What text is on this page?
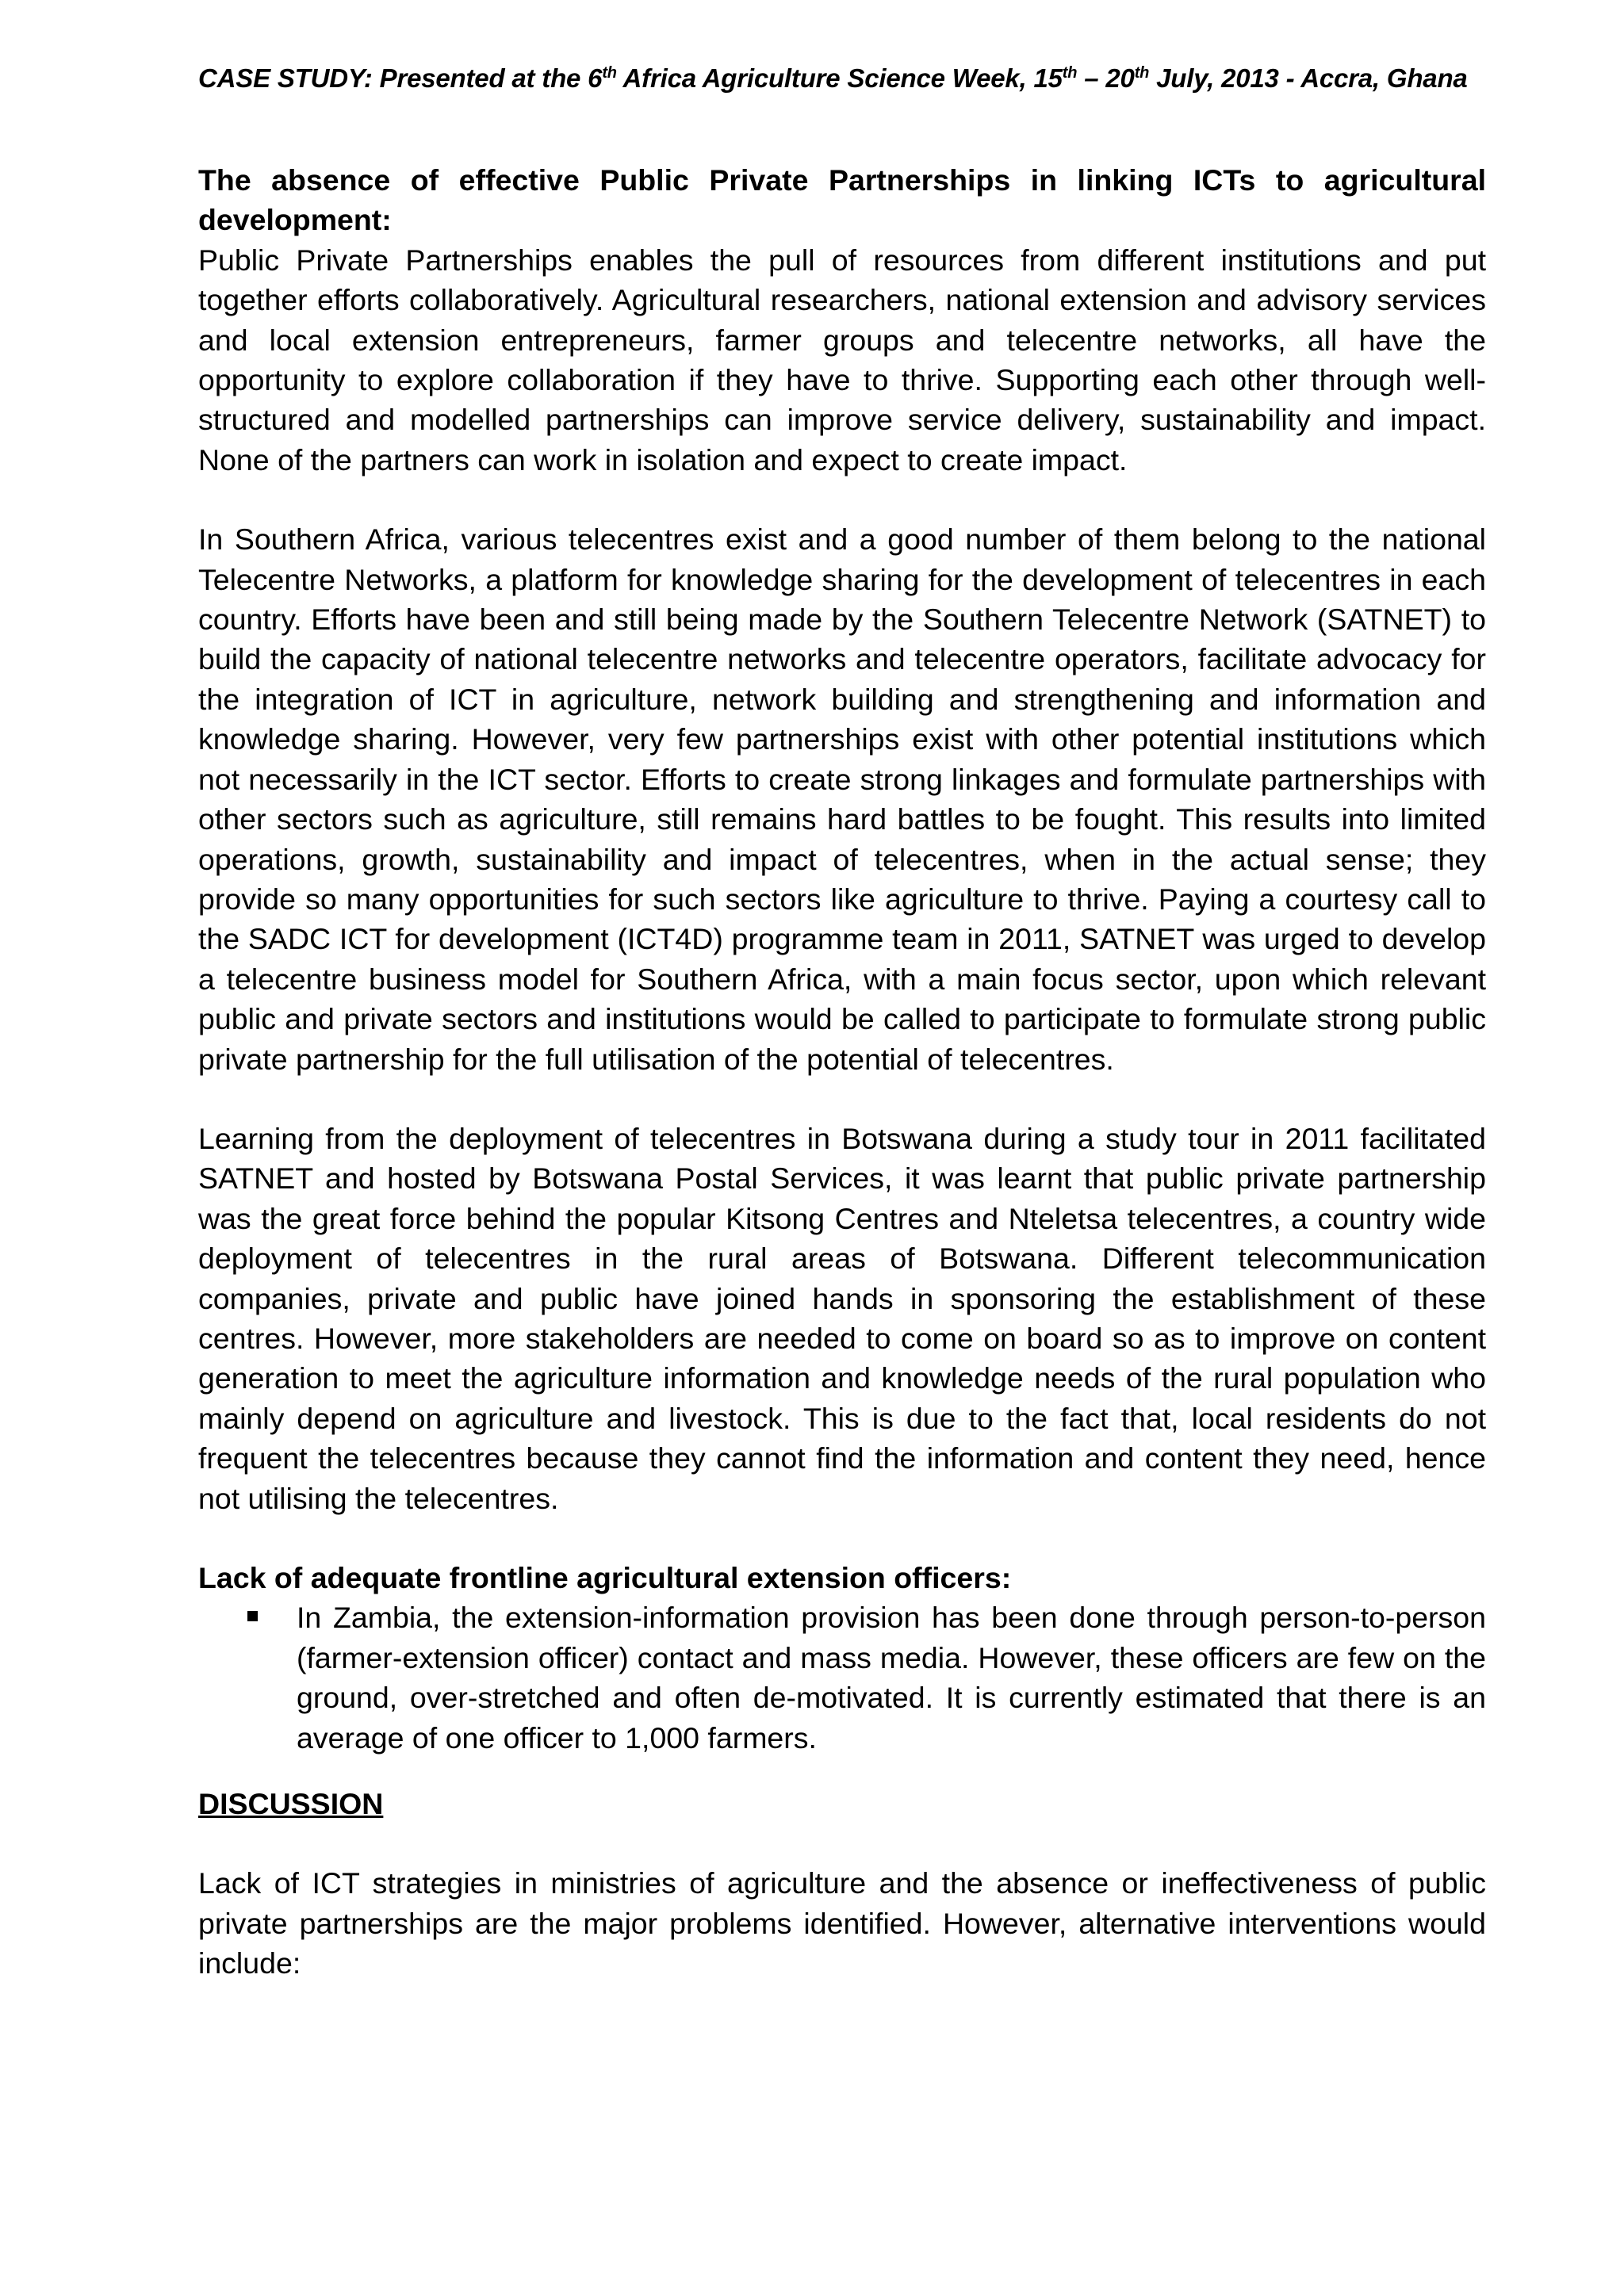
CASE STUDY: Presented at the 6th Africa Agriculture Science Week, 15th – 20th July, 2013 - Accra, Ghana

The absence of effective Public Private Partnerships in linking ICTs to agricultural development:

Public Private Partnerships enables the pull of resources from different institutions and put together efforts collaboratively. Agricultural researchers, national extension and advisory services and local extension entrepreneurs, farmer groups and telecentre networks, all have the opportunity to explore collaboration if they have to thrive. Supporting each other through well-structured and modelled partnerships can improve service delivery, sustainability and impact. None of the partners can work in isolation and expect to create impact.

In Southern Africa, various telecentres exist and a good number of them belong to the national Telecentre Networks, a platform for knowledge sharing for the development of telecentres in each country. Efforts have been and still being made by the Southern Telecentre Network (SATNET) to build the capacity of national telecentre networks and telecentre operators, facilitate advocacy for the integration of ICT in agriculture, network building and strengthening and information and knowledge sharing. However, very few partnerships exist with other potential institutions which not necessarily in the ICT sector. Efforts to create strong linkages and formulate partnerships with other sectors such as agriculture, still remains hard battles to be fought. This results into limited operations, growth, sustainability and impact of telecentres, when in the actual sense; they provide so many opportunities for such sectors like agriculture to thrive. Paying a courtesy call to the SADC ICT for development (ICT4D) programme team in 2011, SATNET was urged to develop a telecentre business model for Southern Africa, with a main focus sector, upon which relevant public and private sectors and institutions would be called to participate to formulate strong public private partnership for the full utilisation of the potential of telecentres.

Learning from the deployment of telecentres in Botswana during a study tour in 2011 facilitated SATNET and hosted by Botswana Postal Services, it was learnt that public private partnership was the great force behind the popular Kitsong Centres and Nteletsa telecentres, a country wide deployment of telecentres in the rural areas of Botswana. Different telecommunication companies, private and public have joined hands in sponsoring the establishment of these centres. However, more stakeholders are needed to come on board so as to improve on content generation to meet the agriculture information and knowledge needs of the rural population who mainly depend on agriculture and livestock. This is due to the fact that, local residents do not frequent the telecentres because they cannot find the information and content they need, hence not utilising the telecentres.

Lack of adequate frontline agricultural extension officers:

In Zambia, the extension-information provision has been done through person-to-person (farmer-extension officer) contact and mass media. However, these officers are few on the ground, over-stretched and often de-motivated. It is currently estimated that there is an average of one officer to 1,000 farmers.

DISCUSSION

Lack of ICT strategies in ministries of agriculture and the absence or ineffectiveness of public private partnerships are the major problems identified. However, alternative interventions would include:
